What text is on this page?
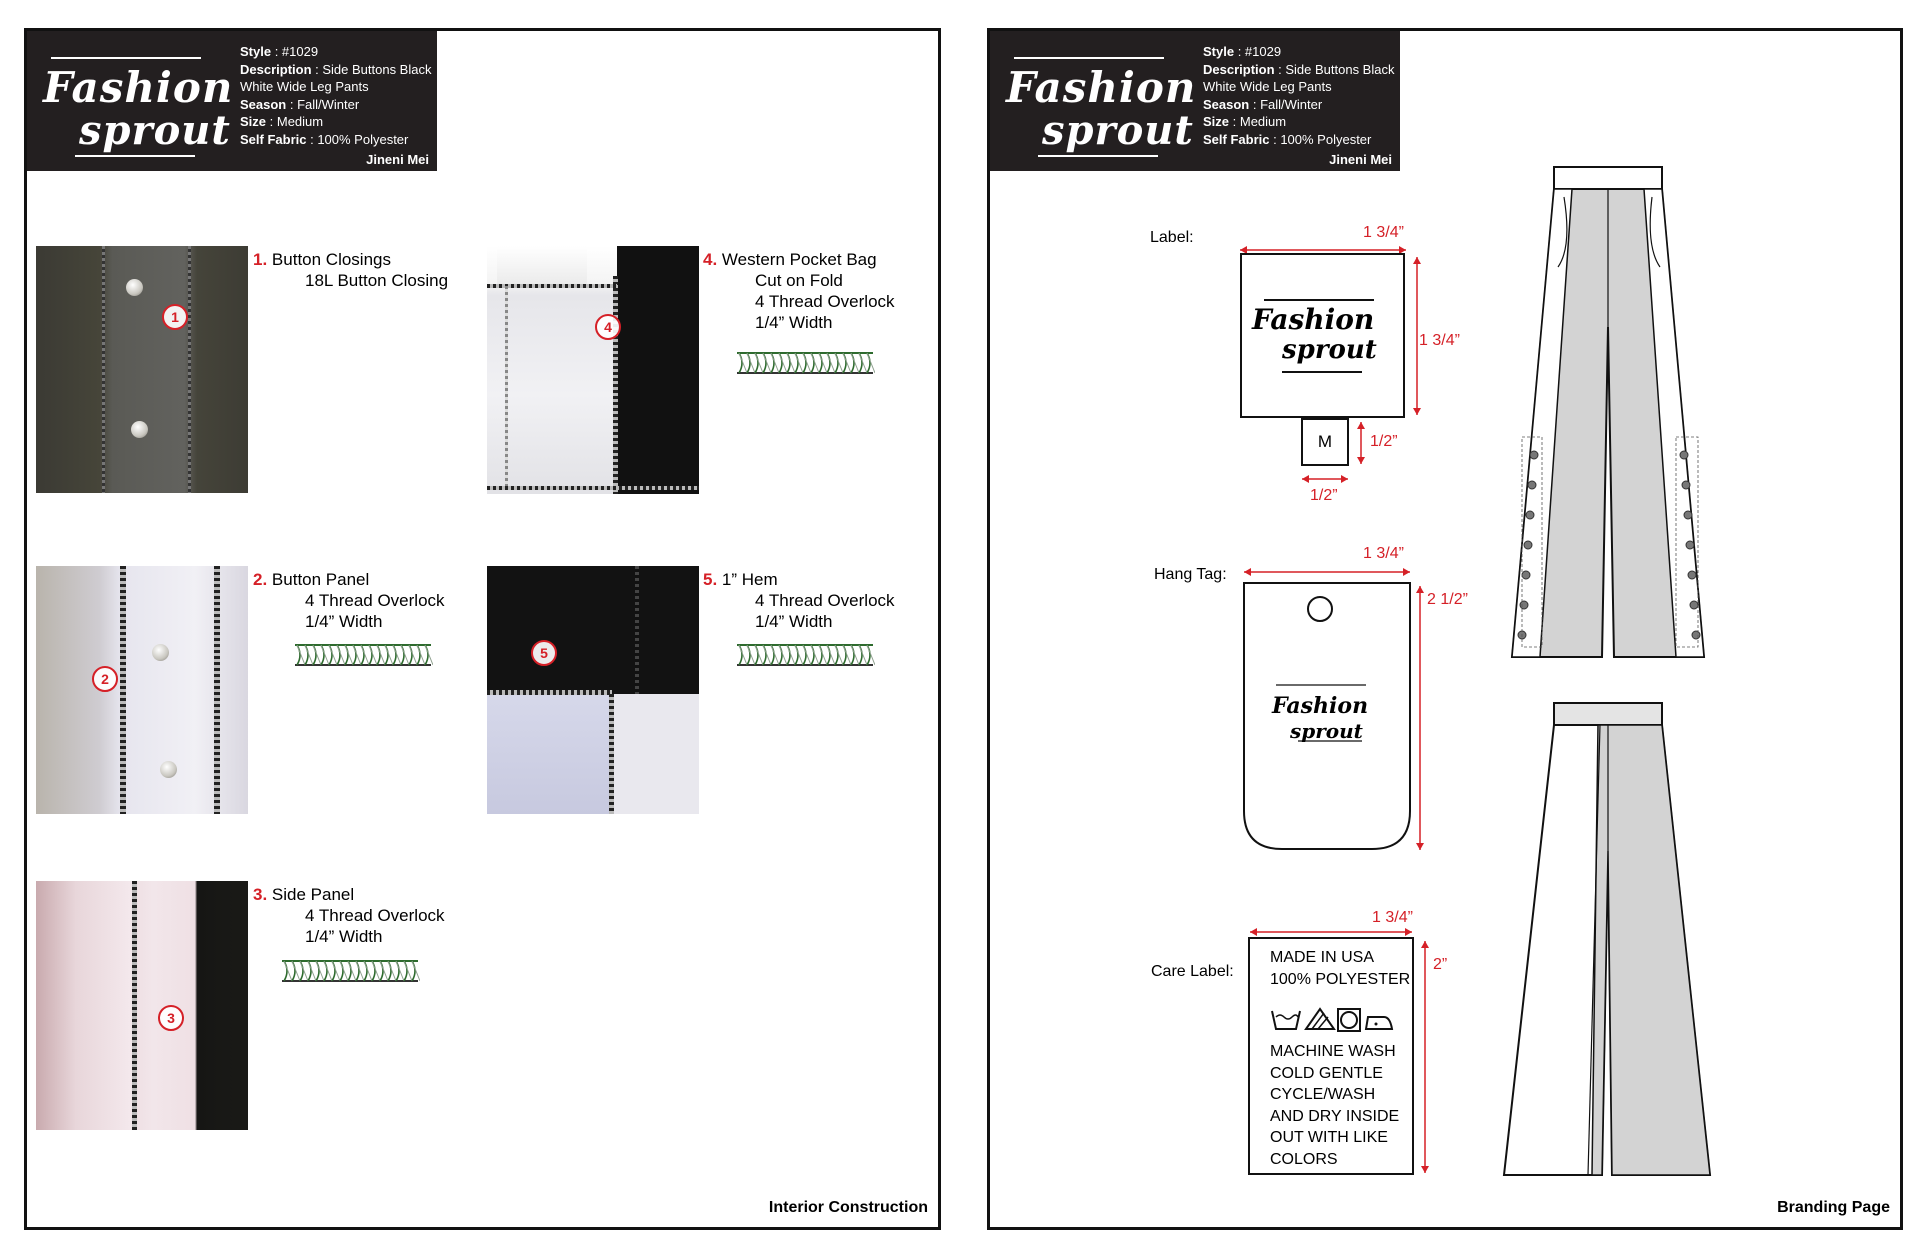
Fashion
sprout
Style : #1029
Description : Side Buttons Black White Wide Leg Pants
Season : Fall/Winter
Size : Medium
Self Fabric : 100% Polyester
Jineni Mei
1
2
3
4
5
1. Button Closings
18L Button Closing
2. Button Panel
4 Thread Overlock
1/4” Width
3. Side Panel
4 Thread Overlock
1/4” Width
4. Western Pocket Bag
Cut on Fold
4 Thread Overlock
1/4” Width
5. 1” Hem
4 Thread Overlock
1/4” Width
Interior Construction
Fashion
sprout
Style : #1029
Description : Side Buttons Black White Wide Leg Pants
Season : Fall/Winter
Size : Medium
Self Fabric : 100% Polyester
Jineni Mei
Label:	1 3/4”
Fashion
sprout	1 3/4”
M	1/2”
1/2”
Hang Tag:
1 3/4”
Fashion
sprout
2 1/2”
Care Label:
1 3/4”
MADE IN USA
100% POLYESTER
MACHINE WASH
COLD GENTLE
CYCLE/WASH
AND DRY INSIDE
OUT WITH LIKE
COLORS
2”
Branding Page
